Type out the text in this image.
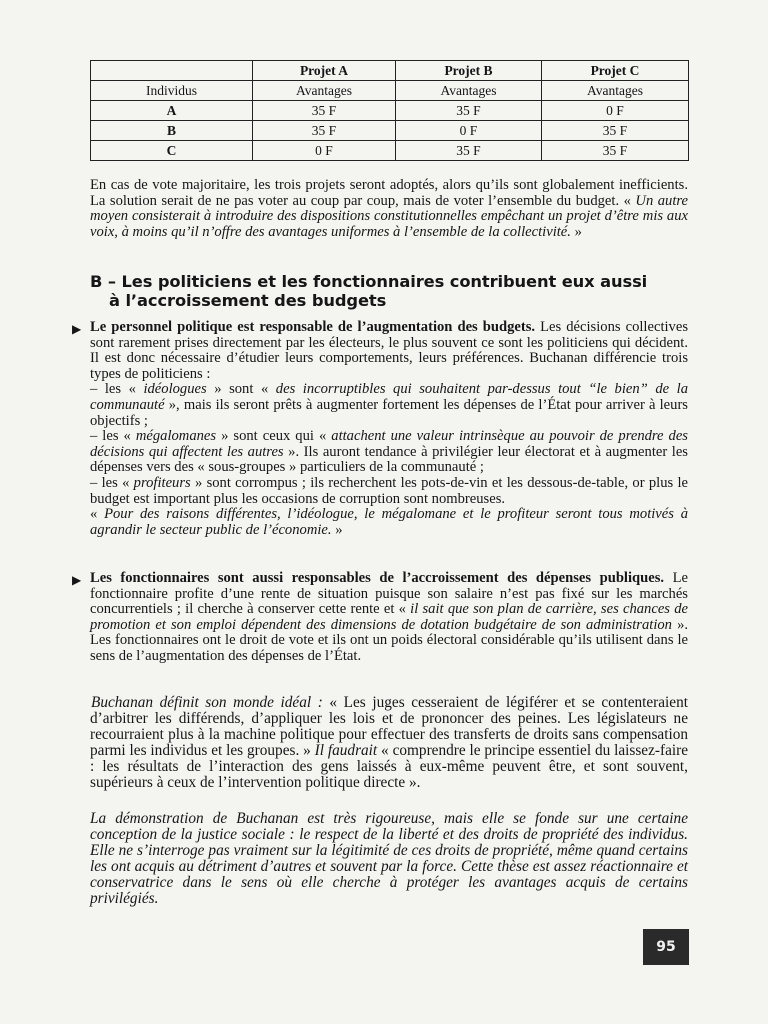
	Projet A	Projet B	Projet C
Individus	Avantages	Avantages	Avantages
A	35 F	35 F	0 F
B	35 F	0 F	35 F
C	0 F	35 F	35 F
En cas de vote majoritaire, les trois projets seront adoptés, alors qu’ils sont globalement inefficients. La solution serait de ne pas voter au coup par coup, mais de voter l’ensemble du budget. « Un autre moyen consisterait à introduire des dispositions constitutionnelles empêchant un projet d’être mis aux voix, à moins qu’il n’offre des avantages uniformes à l’ensemble de la collectivité. »
B – Les politiciens et les fonctionnaires contribuent eux aussi
à l’accroissement des budgets
▶ Le personnel politique est responsable de l’augmentation des budgets. Les décisions collectives sont rarement prises directement par les électeurs, le plus souvent ce sont les politiciens qui décident. Il est donc nécessaire d’étudier leurs comportements, leurs préférences. Buchanan différencie trois types de politiciens :
– les « idéologues » sont « des incorruptibles qui souhaitent par-dessus tout “le bien” de la communauté », mais ils seront prêts à augmenter fortement les dépenses de l’État pour arriver à leurs objectifs ;
– les « mégalomanes » sont ceux qui « attachent une valeur intrinsèque au pouvoir de prendre des décisions qui affectent les autres ». Ils auront tendance à privilégier leur électorat et à augmenter les dépenses vers des « sous-groupes » particuliers de la communauté ;
– les « profiteurs » sont corrompus ; ils recherchent les pots-de-vin et les dessous-de-table, or plus le budget est important plus les occasions de corruption sont nombreuses.
« Pour des raisons différentes, l’idéologue, le mégalomane et le profiteur seront tous motivés à agrandir le secteur public de l’économie. »
▶ Les fonctionnaires sont aussi responsables de l’accroissement des dépenses publiques. Le fonctionnaire profite d’une rente de situation puisque son salaire n’est pas fixé sur les marchés concurrentiels ; il cherche à conserver cette rente et « il sait que son plan de carrière, ses chances de promotion et son emploi dépendent des dimensions de dotation budgétaire de son administration ». Les fonctionnaires ont le droit de vote et ils ont un poids électoral considérable qu’ils utilisent dans le sens de l’augmentation des dépenses de l’État.
Buchanan définit son monde idéal : « Les juges cesseraient de légiférer et se contenteraient d’arbitrer les différends, d’appliquer les lois et de prononcer des peines. Les législateurs ne recourraient plus à la machine politique pour effectuer des transferts de droits sans compensation parmi les individus et les groupes. » Il faudrait « comprendre le principe essentiel du laissez-faire : les résultats de l’interaction des gens laissés à eux-même peuvent être, et sont souvent, supérieurs à ceux de l’intervention politique directe ».
La démonstration de Buchanan est très rigoureuse, mais elle se fonde sur une certaine conception de la justice sociale : le respect de la liberté et des droits de propriété des individus. Elle ne s’interroge pas vraiment sur la légitimité de ces droits de propriété, même quand certains les ont acquis au détriment d’autres et souvent par la force. Cette thèse est assez réactionnaire et conservatrice dans le sens où elle cherche à protéger les avantages acquis de certains privilégiés.
95
